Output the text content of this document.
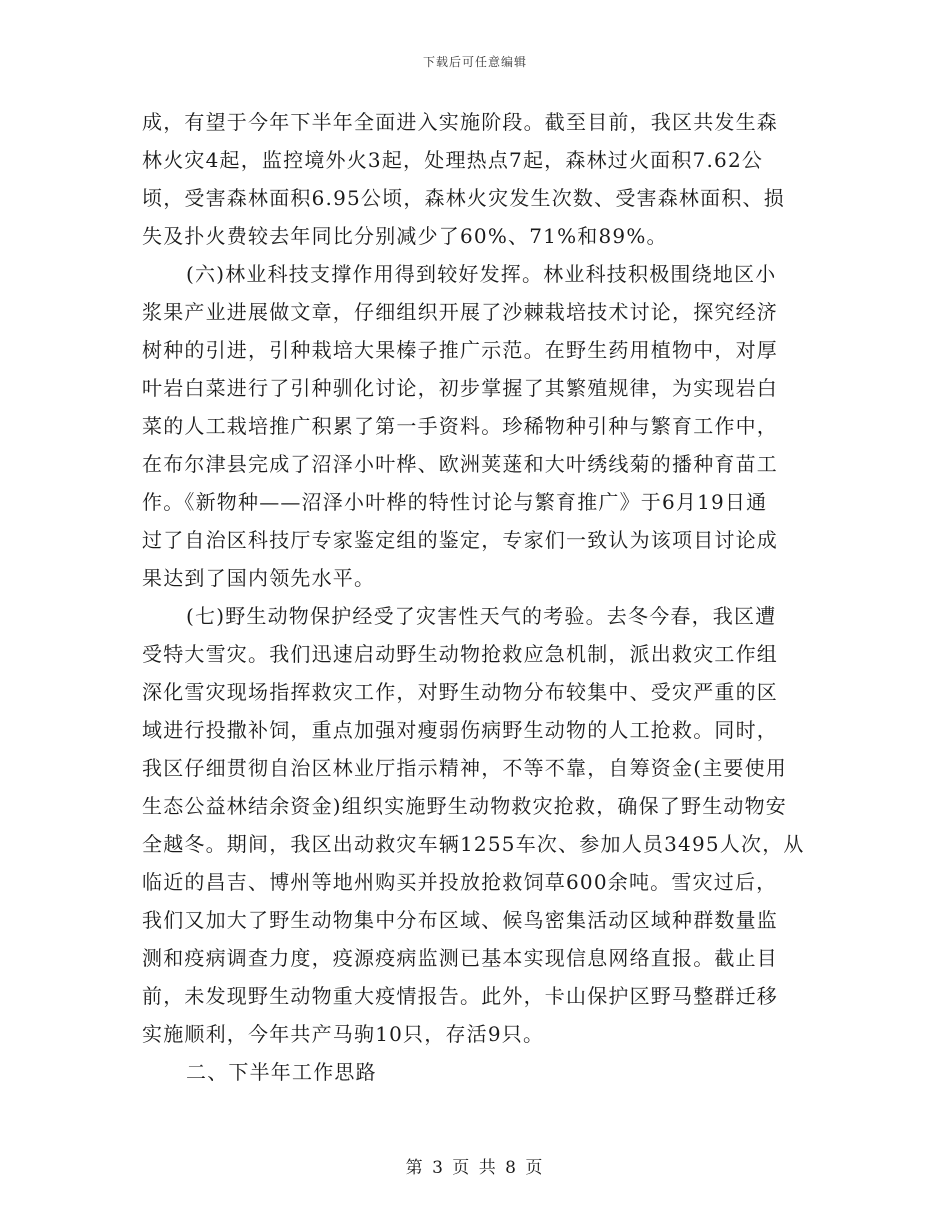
下载后可任意编辑
成，有望于今年下半年全面进入实施阶段。截至目前，我区共发生森
林火灾4起，监控境外火3起，处理热点7起，森林过火面积7.62公
顷，受害森林面积6.95公顷，森林火灾发生次数、受害森林面积、损
失及扑火费较去年同比分别减少了60%、71%和89%。
(六)林业科技支撑作用得到较好发挥。林业科技积极围绕地区小
浆果产业进展做文章，仔细组织开展了沙棘栽培技术讨论，探究经济
树种的引进，引种栽培大果榛子推广示范。在野生药用植物中，对厚
叶岩白菜进行了引种驯化讨论，初步掌握了其繁殖规律，为实现岩白
菜的人工栽培推广积累了第一手资料。珍稀物种引种与繁育工作中，
在布尔津县完成了沼泽小叶桦、欧洲荚蒾和大叶绣线菊的播种育苗工
作。《新物种——沼泽小叶桦的特性讨论与繁育推广》于6月19日通
过了自治区科技厅专家鉴定组的鉴定，专家们一致认为该项目讨论成
果达到了国内领先水平。
(七)野生动物保护经受了灾害性天气的考验。去冬今春，我区遭
受特大雪灾。我们迅速启动野生动物抢救应急机制，派出救灾工作组
深化雪灾现场指挥救灾工作，对野生动物分布较集中、受灾严重的区
域进行投撒补饲，重点加强对瘦弱伤病野生动物的人工抢救。同时，
我区仔细贯彻自治区林业厅指示精神，不等不靠，自筹资金(主要使用
生态公益林结余资金)组织实施野生动物救灾抢救，确保了野生动物安
全越冬。期间，我区出动救灾车辆1255车次、参加人员3495人次，从
临近的昌吉、博州等地州购买并投放抢救饲草600余吨。雪灾过后，
我们又加大了野生动物集中分布区域、候鸟密集活动区域种群数量监
测和疫病调查力度，疫源疫病监测已基本实现信息网络直报。截止目
前，未发现野生动物重大疫情报告。此外，卡山保护区野马整群迁移
实施顺利，今年共产马驹10只，存活9只。
二、下半年工作思路
第 3 页 共 8 页
